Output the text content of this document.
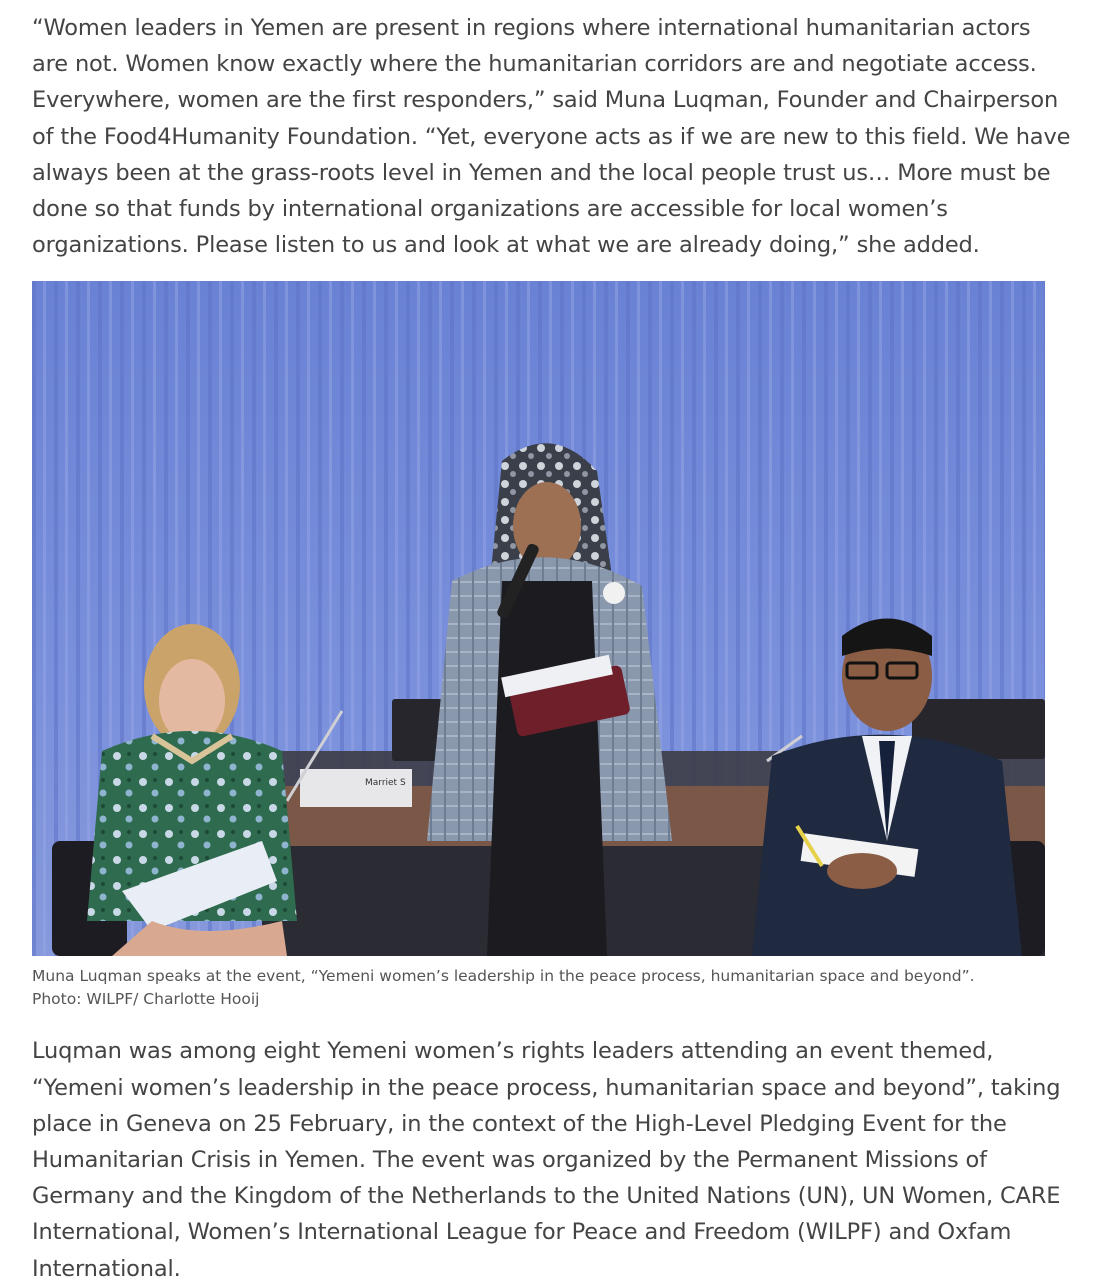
“Women leaders in Yemen are present in regions where international humanitarian actors are not. Women know exactly where the humanitarian corridors are and negotiate access. Everywhere, women are the first responders,” said Muna Luqman, Founder and Chairperson of the Food4Humanity Foundation. “Yet, everyone acts as if we are new to this field. We have always been at the grass-roots level in Yemen and the local people trust us… More must be done so that funds by international organizations are accessible for local women’s organizations. Please listen to us and look at what we are already doing,” she added.

Marriet S
Muna Luqman speaks at the event, “Yemeni women’s leadership in the peace process, humanitarian space and beyond”.
Photo: WILPF/ Charlotte Hooij

Luqman was among eight Yemeni women’s rights leaders attending an event themed, “Yemeni women’s leadership in the peace process, humanitarian space and beyond”, taking place in Geneva on 25 February, in the context of the High-Level Pledging Event for the Humanitarian Crisis in Yemen. The event was organized by the Permanent Missions of Germany and the Kingdom of the Netherlands to the United Nations (UN), UN Women, CARE International, Women’s International League for Peace and Freedom (WILPF) and Oxfam International.
